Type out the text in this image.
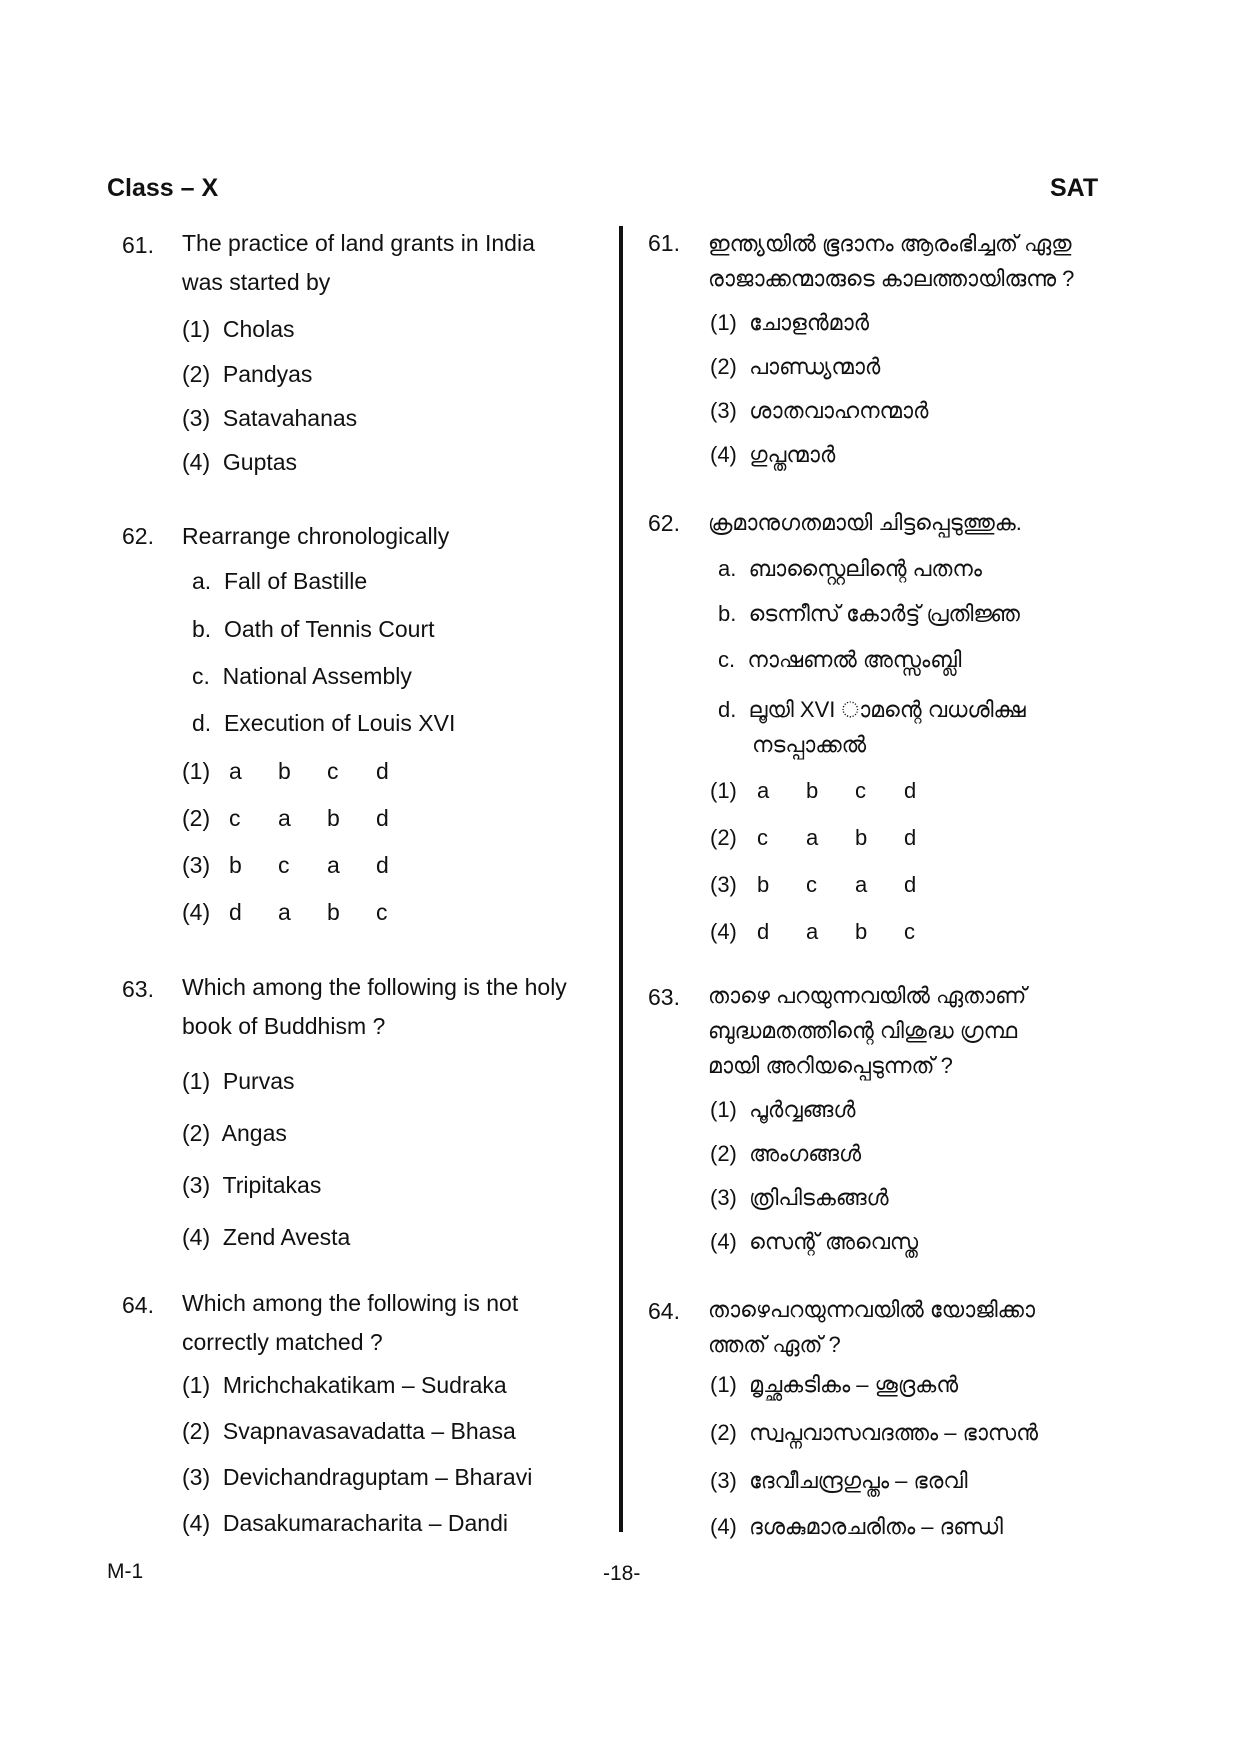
Class – X	SAT
61. The practice of land grants in India
was started by
(1) Cholas
(2) Pandyas
(3) Satavahanas
(4) Guptas
62. Rearrange chronologically
a. Fall of Bastille
b. Oath of Tennis Court
c. National Assembly
d. Execution of Louis XVI
(1) a b c d
(2) c a b d
(3) b c a d
(4) d a b c
63. Which among the following is the holy
book of Buddhism ?
(1) Purvas
(2) Angas
(3) Tripitakas
(4) Zend Avesta
64. Which among the following is not
correctly matched ?
(1) Mrichchakatikam – Sudraka
(2) Svapnavasavadatta – Bhasa
(3) Devichandraguptam – Bharavi
(4) Dasakumaracharita – Dandi
61. ഇന്ത്യയിൽ ഭൂദാനം ആരംഭിച്ചത് ഏതു
രാജാക്കന്മാരുടെ കാലത്തായിരുന്നു ?
(1) ചോളൻമാർ
(2) പാണ്ഡ്യന്മാർ
(3) ശാതവാഹനന്മാർ
(4) ഗുപ്തന്മാർ
62. ക്രമാനുഗതമായി ചിട്ടപ്പെടുത്തുക.
a. ബാസ്റ്റൈലിന്റെ പതനം
b. ടെന്നീസ് കോർട്ട് പ്രതിജ്ഞ
c. നാഷണൽ അസ്സംബ്ലി
d. ലൂയി XVI ാമന്റെ വധശിക്ഷ
നടപ്പാക്കൽ
(1) a b c d
(2) c a b d
(3) b c a d
(4) d a b c
63. താഴെ പറയുന്നവയിൽ ഏതാണ്
ബുദ്ധമതത്തിന്റെ വിശുദ്ധ ഗ്രന്ഥ
മായി അറിയപ്പെടുന്നത് ?
(1) പൂർവ്വങ്ങൾ
(2) അംഗങ്ങൾ
(3) ത്രിപിടകങ്ങൾ
(4) സെന്റ് അവെസ്ത
64. താഴെപറയുന്നവയിൽ യോജിക്കാ
ത്തത് ഏത് ?
(1) മൃച്ഛകടികം – ശൂദ്രകൻ
(2) സ്വപ്നവാസവദത്തം – ഭാസൻ
(3) ദേവീചന്ദ്രഗുപ്തം – ഭരവി
(4) ദശകുമാരചരിതം – ദണ്ഡി
M-1	-18-
